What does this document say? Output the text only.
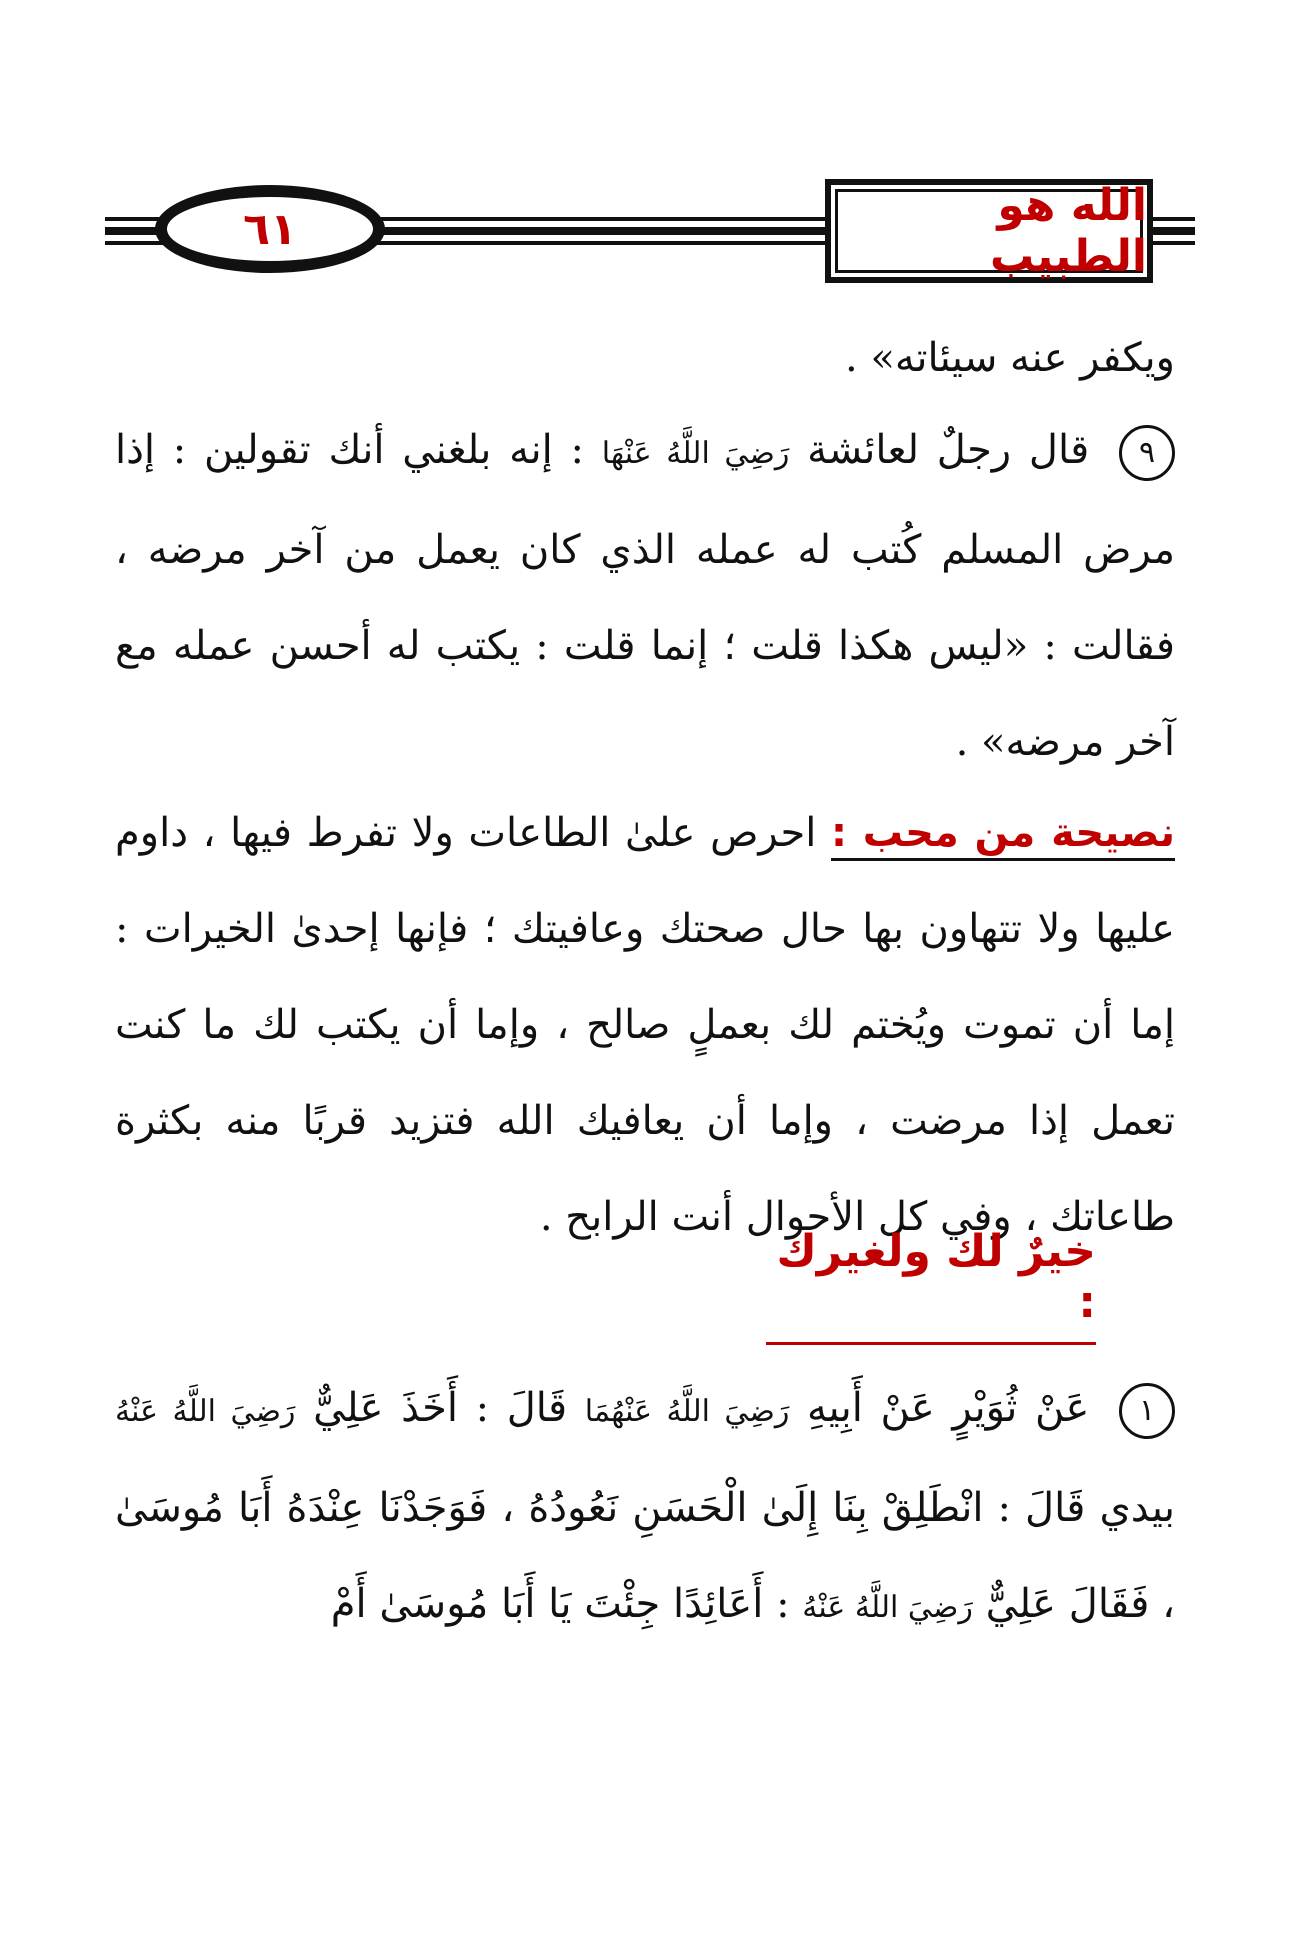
٦١	الله هو الطبيب
ويكفر عنه سيئاته» .
٩ قال رجلٌ لعائشة رَضِيَ اللَّهُ عَنْهَا : إنه بلغني أنك تقولين : إذا مرض المسلم كُتب له عمله الذي كان يعمل من آخر مرضه ، فقالت : «ليس هكذا قلت ؛ إنما قلت : يكتب له أحسن عمله مع آخر مرضه» .
نصيحة من محب : احرص علىٰ الطاعات ولا تفرط فيها ، داوم عليها ولا تتهاون بها حال صحتك وعافيتك ؛ فإنها إحدىٰ الخيرات : إما أن تموت ويُختم لك بعملٍ صالح ، وإما أن يكتب لك ما كنت تعمل إذا مرضت ، وإما أن يعافيك الله فتزيد قربًا منه بكثرة طاعاتك ، وفي كل الأحوال أنت الرابح .
خيرٌ لك ولغيرك :
١ عَنْ ثُوَيْرٍ عَنْ أَبِيهِ رَضِيَ اللَّهُ عَنْهُمَا قَالَ : أَخَذَ عَلِيٌّ رَضِيَ اللَّهُ عَنْهُ بيدي قَالَ : انْطَلِقْ بِنَا إِلَىٰ الْحَسَنِ نَعُودُهُ ، فَوَجَدْنَا عِنْدَهُ أَبَا مُوسَىٰ ، فَقَالَ عَلِيٌّ رَضِيَ اللَّهُ عَنْهُ : أَعَائِدًا جِئْتَ يَا أَبَا مُوسَىٰ أَمْ
